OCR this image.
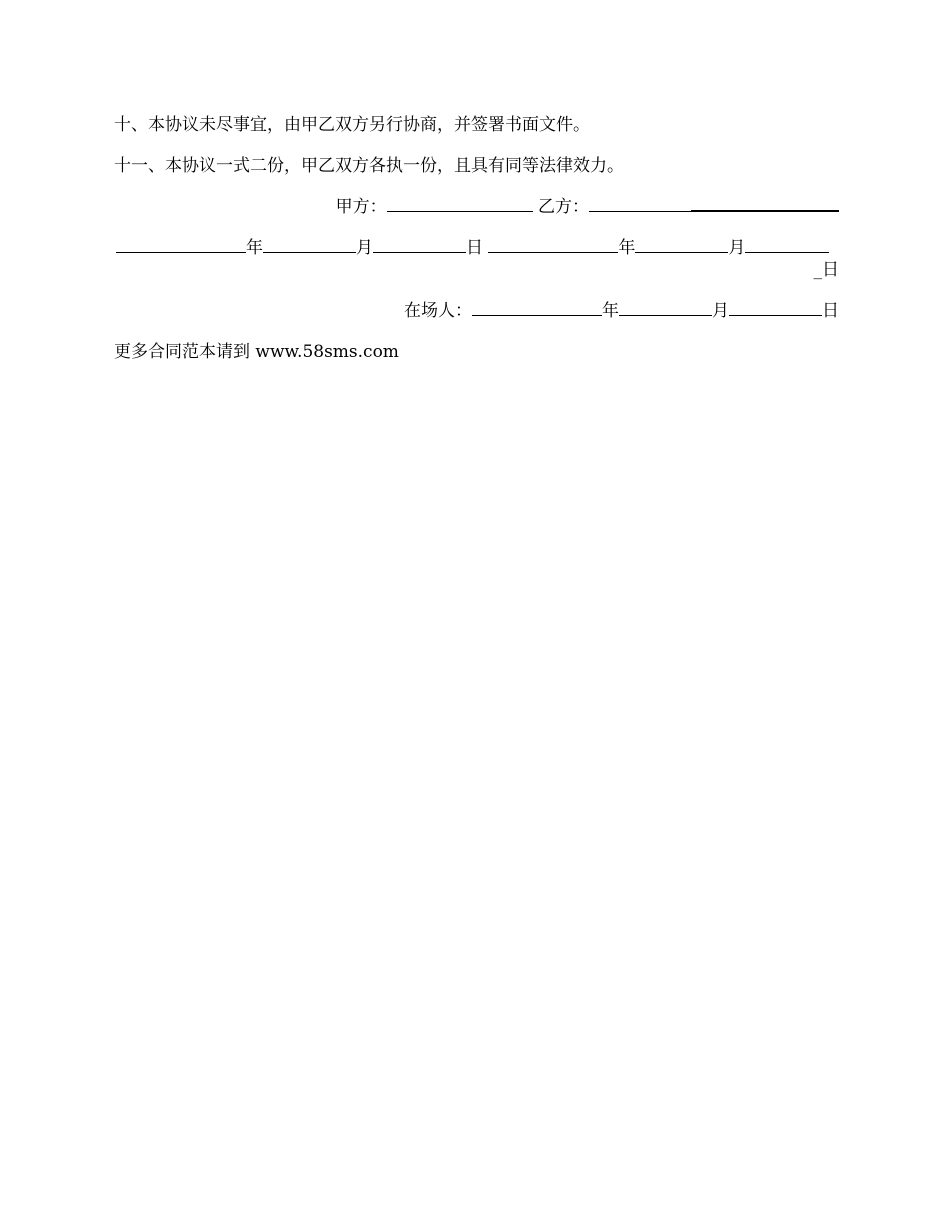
十、本协议未尽事宜，由甲乙双方另行协商，并签署书面文件。
十一、本协议一式二份，甲乙双方各执一份，且具有同等法律效力。
甲方：	乙方：
年	月	日	年	月
_日
在场人：	年	月	日
更多合同范本请到 www.58sms.com
